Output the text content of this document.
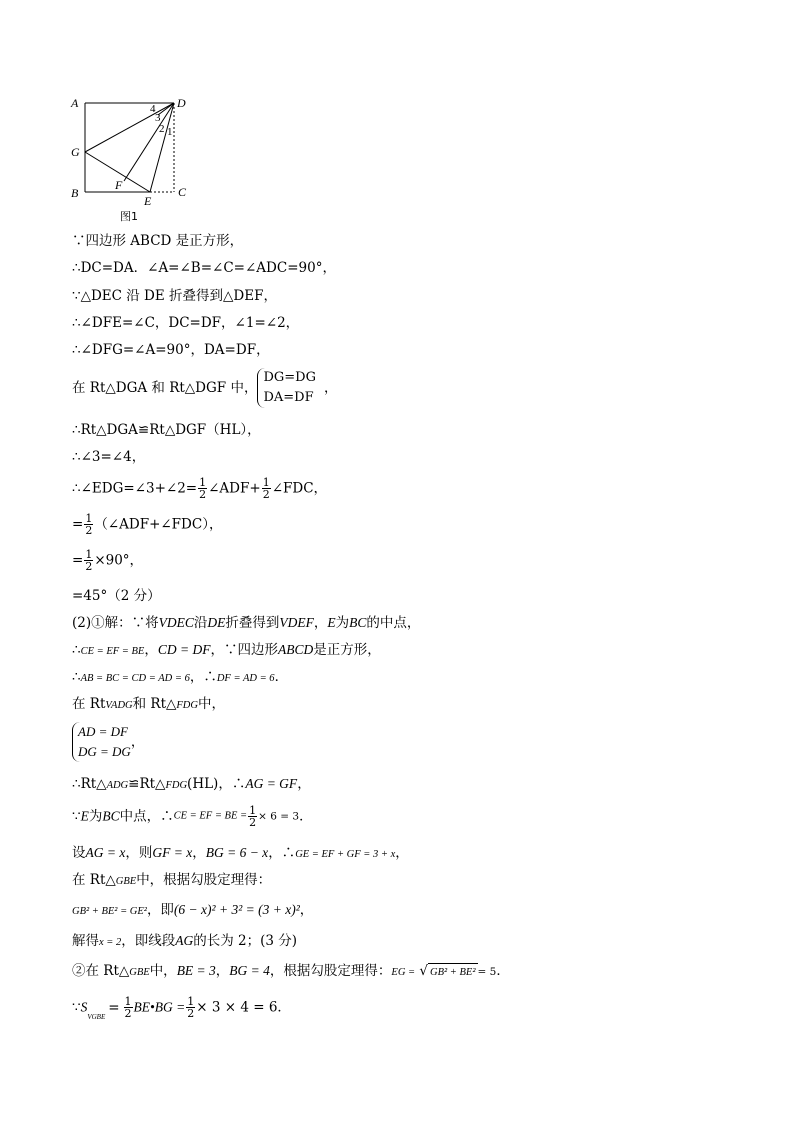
A	D
G
B
F
E
C
4
3
2 1
图1
∵四边形 ABCD 是正方形，
∴DC=DA．∠A=∠B=∠C=∠ADC=90°，
∵△DEC 沿 DE 折叠得到△DEF，
∴∠DFE=∠C，DC=DF，∠1=∠2，
∴∠DFG=∠A=90°，DA=DF，
在 Rt△DGA 和 Rt△DGF 中，
DG=DG
DA=DF
，
∴Rt△DGA≌Rt△DGF（HL），
∴∠3=∠4，
∴∠EDG=∠3+∠2= $\frac{1}{2}$ ∠ADF+ $\frac{1}{2}$ ∠FDC，
= $\frac{1}{2}$ （∠ADF+∠FDC），
= $\frac{1}{2} \times 90^\circ$，
=45°（2 分）
(2)①解：∵将VDEC沿DE折叠得到VDEF，E为BC的中点，
∴CE = EF = BE，CD = DF，∵四边形ABCD是正方形，
∴AB = BC = CD = AD = 6，∴DF = AD = 6．
在 RtVADG和 Rt△FDG中，
AD = DF
DG = DG
，
∴Rt△ADG≌Rt△FDG(HL)，∴AG = GF，
∵E为BC中点，∴CE = EF = BE = $\frac{1}{2} \times 6 = 3$．
设AG = x，则GF = x，BG = 6 − x，∴GE = EF + GF = 3 + x，
在 Rt△GBE中，根据勾股定理得：
GB² + BE² = GE²，即(6 − x)² + 3² = (3 + x)²，
解得x = 2，即线段AG的长为 2；(3 分)
②在 Rt△GBE中，BE = 3，BG = 4，根据勾股定理得：EG = √ GB² + BE² = 5．
$\because S_{VGBE}= \frac{1}{2}$ BE•BG = $\frac{1}{2} \times 3 \times 4 = 6$．
